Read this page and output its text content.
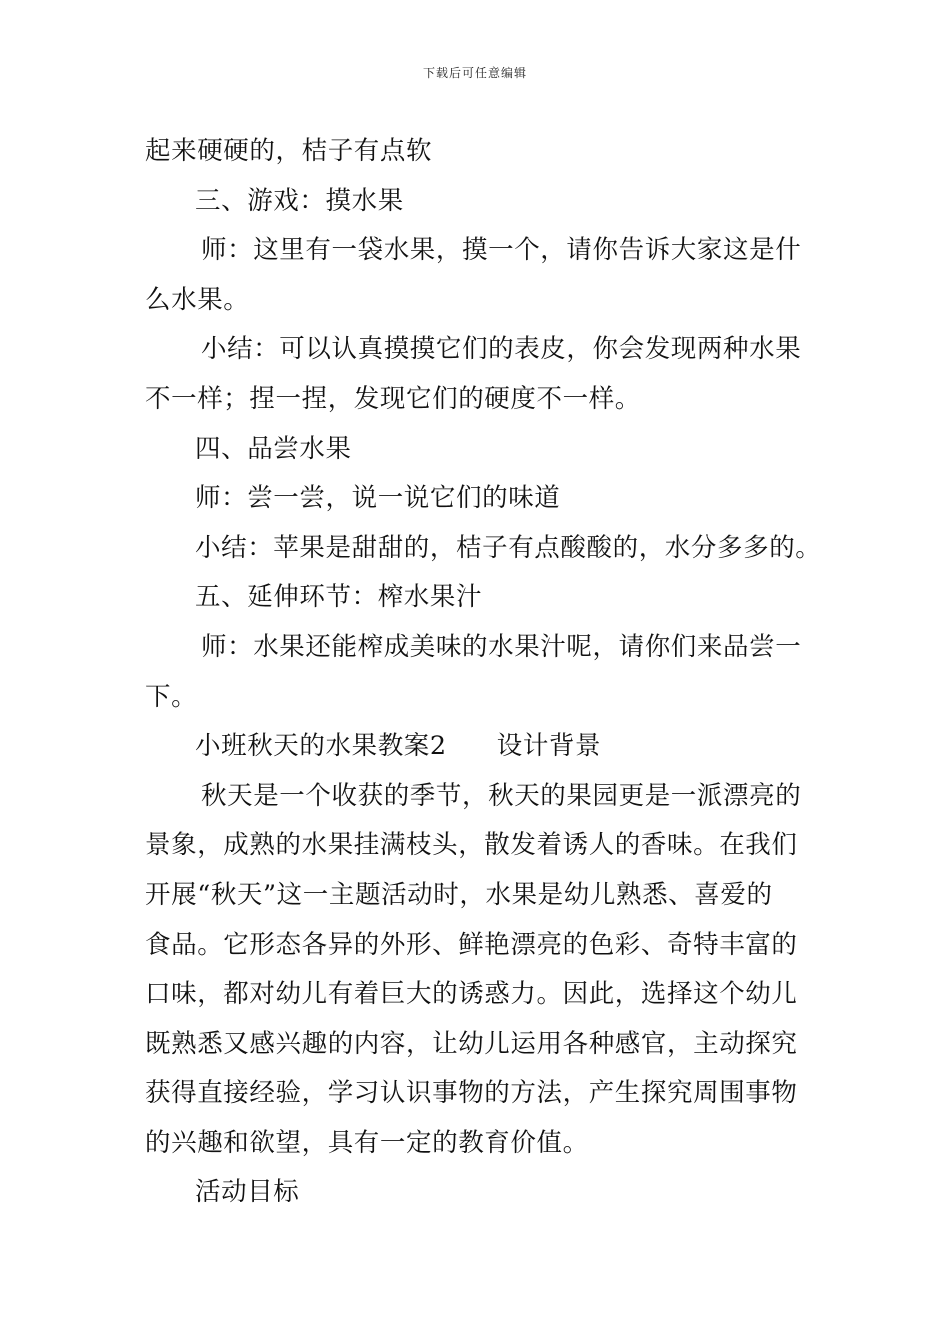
下载后可任意编辑
起来硬硬的，桔子有点软
三、游戏：摸水果
师：这里有一袋水果，摸一个，请你告诉大家这是什
么水果。
小结：可以认真摸摸它们的表皮，你会发现两种水果
不一样；捏一捏，发现它们的硬度不一样。
四、品尝水果
师：尝一尝，说一说它们的味道
小结：苹果是甜甜的，桔子有点酸酸的，水分多多的。
五、延伸环节：榨水果汁
师：水果还能榨成美味的水果汁呢，请你们来品尝一
下。
小班秋天的水果教案2 设计背景
秋天是一个收获的季节，秋天的果园更是一派漂亮的
景象，成熟的水果挂满枝头，散发着诱人的香味。在我们
开展“秋天”这一主题活动时，水果是幼儿熟悉、喜爱的
食品。它形态各异的外形、鲜艳漂亮的色彩、奇特丰富的
口味，都对幼儿有着巨大的诱惑力。因此，选择这个幼儿
既熟悉又感兴趣的内容，让幼儿运用各种感官，主动探究
获得直接经验，学习认识事物的方法，产生探究周围事物
的兴趣和欲望，具有一定的教育价值。
活动目标
